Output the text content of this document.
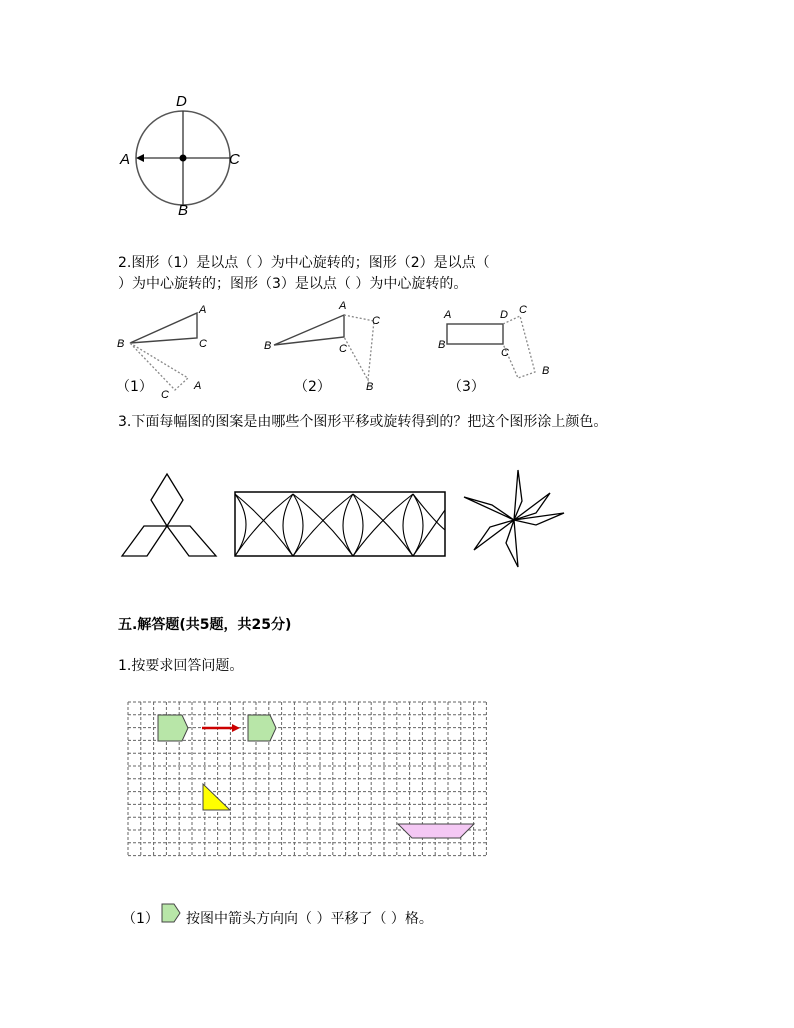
D
A	C
B
2.图形（1）是以点（ ）为中心旋转的；图形（2）是以点（
）为中心旋转的；图形（3）是以点（ ）为中心旋转的。
A
B	C
A
C
（1）
A
B	C
C
B
（2）
A
B
D
C
C
B
（3）
3.下面每幅图的图案是由哪些个图形平移或旋转得到的？把这个图形涂上颜色。
五.解答题(共5题，共25分)
1.按要求回答问题。
（1） 按图中箭头方向向（ ）平移了（ ）格。
